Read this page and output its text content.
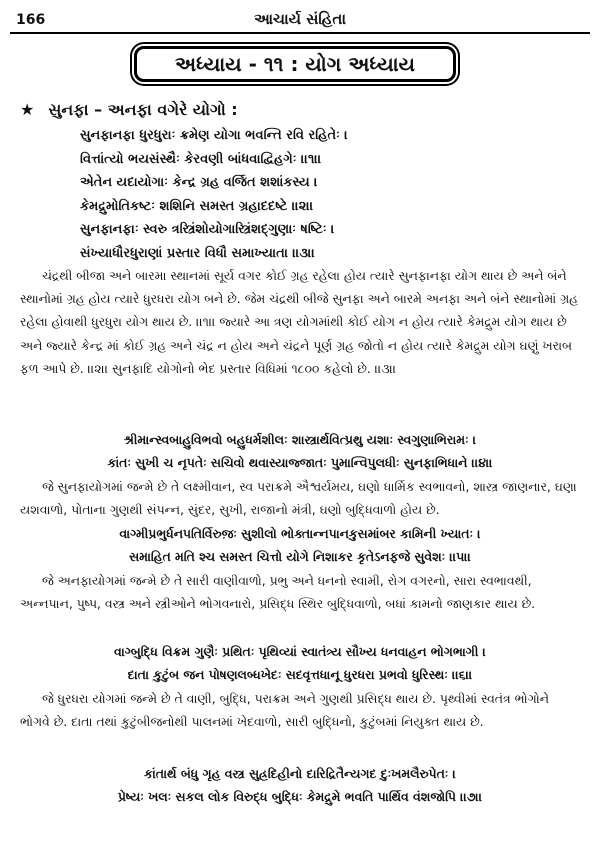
166	આચાર્ય સંહિતા
અધ્યાય - ૧૧ : યોગ અધ્યાય
★ સુનફા – અનફા વગેરે યોગો :
સુનફાનફા ધુરધુરાઃ ક્રમેણ યોગા ભવન્તિ રવિ રહિતેઃ ।
વિત્તાંત્યો ભયસંસ્થૈઃ કેરવણી બાંધવાદ્વિહગેઃ ।।૧।।
એતેન યદાયોગાઃ કેન્દ્ર ગ્રહ વર્જિત શશાંકસ્ય ।
કેમદ્રુમોતિકષ્ટઃ શશિનિ સમસ્ત ગ્રહાદદષ્ટે ।।૨।।
સુનફાનફાઃ સ્વરુ ત્રસ્ત્રિંશોયોગાસ્ત્રિંશદ્ગુણાઃ ષષ્ટિઃ ।
સંખ્યાધૌરધુરાણાં પ્રસ્તાર વિધૌ સમાખ્યાતા ।।૩।।

ચંદ્રથી બીજા અને બારમા સ્થાનમાં સૂર્ય વગર કોઈ ગ્રહ રહેલા હોય ત્યારે સુનફાનફા યોગ થાય છે અને બંને સ્થાનોમાં ગ્રહ હોય ત્યારે ધુરધરા યોગ બને છે. જેમ ચંદ્રથી બીજે સુનફા અને બારમે અનફા અને બંને સ્થાનોમાં ગ્રહ રહેલા હોવાથી ધુરધુરા યોગ થાય છે. ।।૧।। જ્યારે આ ત્રણ યોગમાંથી કોઈ યોગ ન હોય ત્યારે કેમદ્રુમ યોગ થાય છે અને જ્યારે કેન્દ્ર માં કોઈ ગ્રહ અને ચંદ્ર ન હોય અને ચંદ્રને પૂર્ણ ગ્રહ જોતો ન હોય ત્યારે કેમદ્રુમ યોગ ઘણું ખરાબ ફળ આપે છે. ।।૨।। સુનફાદિ યોગોનો ભેદ પ્રસ્તાર વિધિમાં ૧૮૦૦ કહેલો છે. ।।૩।।

શ્રીમાન્સ્વબાહુવિભવો બહુધર્મશીલઃ શાસ્ત્રાર્થવિત્પ્રથુ યશાઃ સ્વગુણાભિરામઃ ।
કાંતઃ સુખી ચ નૃપતેઃ સચિવો થવાસ્યાજ્જાતઃ પુમાન્વિપુલધીઃ સુનફાભિધાને ।।૪।।

જે સુનફાયોગમાં જન્મે છે તે લક્ષ્મીવાન, સ્વ પરાક્રમે ઐશ્વર્યમય, ઘણો ધાર્મિક સ્વભાવનો, શાસ્ત્ર જાણનાર, ઘણા યશવાળો, પોતાના ગુણથી સંપન્ન, સુંદર, સુખી, રાજાનો મંત્રી, ઘણો બુદ્ધિવાળો હોય છે.

વાગ્મીપ્રભુર્ધનપતિર્વિરુજ઼ઃ સુશીલો ભોક્તાન્નપાનકુસમાંબર કામિની ખ્યાતઃ ।
સમાહિત મતિ શ્ચ સમસ્ત ચિત્તો યોગે નિશાકર કૃતેઽનફજે સુવેશઃ ।।૫।।

જે અનફાયોગમાં જન્મે છે તે સારી વાણીવાળો, પ્રભુ અને ધનનો સ્વામી, રોગ વગરનો, સારા સ્વભાવથી, અન્નપાન, પુષ્પ, વસ્ત્ર અને સ્ત્રીઓને ભોગવનારો, પ્રસિદ્ધ સ્થિર બુદ્ધિવાળો, બધાં કામનો જાણકાર થાય છે.

વાગ્બુદ્ધિ વિક્રમ ગુણૈઃ પ્રથિતઃ પૃથિવ્યાં સ્વાતંત્ર્ય સૌખ્ય ધનવાહન ભોગભાગી ।
દાતા કુટુંબ જન પોષણલબ્ધખેદઃ સદવૃત્તધાનૂ ધુરધરા પ્રભવો ધુરિસ્થઃ ।।૬।।

જે ધુરધરા યોગમાં જન્મે છે તે વાણી, બુદ્ધિ, પરાક્રમ અને ગુણથી પ્રસિદ્ધ થાય છે. પૃથ્વીમાં સ્વતંત્ર ભોગોને ભોગવે છે. દાતા તથાં કુટુંબીજનોથી પાલનમાં ખેદવાળો, સારી બુદ્ધિનો, કુટુંબમાં નિયુક્ત થાય છે.

કાંતાર્થ બંધુ ગૃહ વસ્ત્ર સુહ્રદિહીનો દારિદ્રિતૈન્યગદ દુઃખમલૈરુપેતઃ ।
પ્રેષ્યઃ ખલઃ સકલ લોક વિરુદ્ધ બુદ્ધિઃ કેમદ્રુમે ભવતિ પાર્થિવ વંશજોપિ ।।૭।।
